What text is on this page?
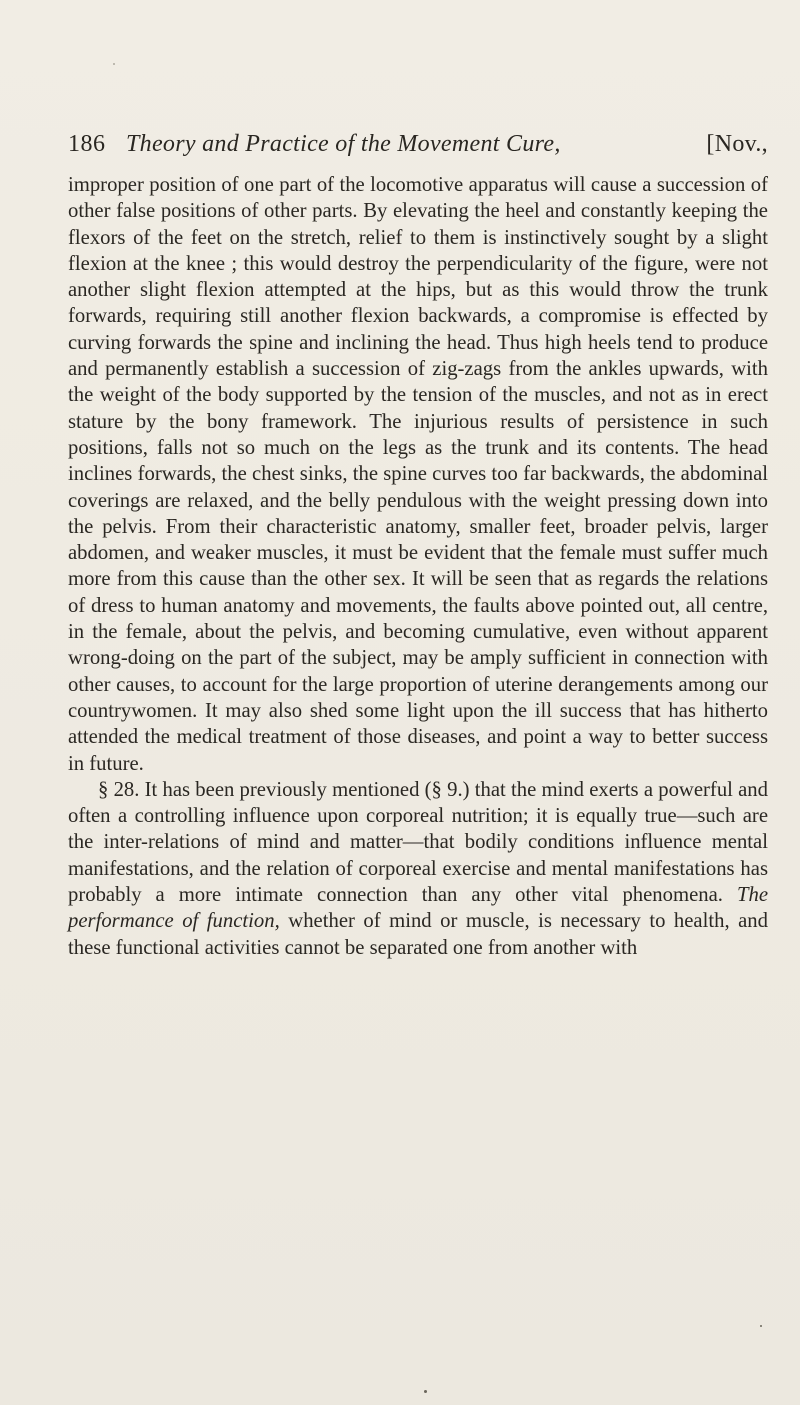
186 Theory and Practice of the Movement Cure,	[Nov.,

improper position of one part of the locomotive apparatus will cause a succession of other false positions of other parts. By elevating the heel and constantly keeping the flexors of the feet on the stretch, relief to them is instinctively sought by a slight flexion at the knee ; this would destroy the perpendicularity of the figure, were not another slight flexion attempted at the hips, but as this would throw the trunk forwards, requiring still another flexion backwards, a compromise is effected by curving forwards the spine and inclining the head. Thus high heels tend to produce and permanently establish a succession of zig-zags from the ankles upwards, with the weight of the body supported by the tension of the muscles, and not as in erect stature by the bony framework. The injurious results of persistence in such positions, falls not so much on the legs as the trunk and its contents. The head inclines forwards, the chest sinks, the spine curves too far backwards, the abdominal coverings are relaxed, and the belly pendulous with the weight pressing down into the pelvis. From their characteristic anatomy, smaller feet, broader pelvis, larger abdomen, and weaker muscles, it must be evident that the female must suffer much more from this cause than the other sex. It will be seen that as regards the relations of dress to human anatomy and movements, the faults above pointed out, all centre, in the female, about the pelvis, and becoming cumulative, even without apparent wrong-doing on the part of the subject, may be amply sufficient in connection with other causes, to account for the large proportion of uterine derangements among our countrywomen. It may also shed some light upon the ill success that has hitherto attended the medical treatment of those diseases, and point a way to better success in future.

§ 28. It has been previously mentioned (§ 9.) that the mind exerts a powerful and often a controlling influence upon corporeal nutrition; it is equally true—such are the inter-relations of mind and matter—that bodily conditions influence mental manifestations, and the relation of corporeal exercise and mental manifestations has probably a more intimate connection than any other vital phenomena. The performance of function, whether of mind or muscle, is necessary to health, and these functional activities cannot be separated one from another with
